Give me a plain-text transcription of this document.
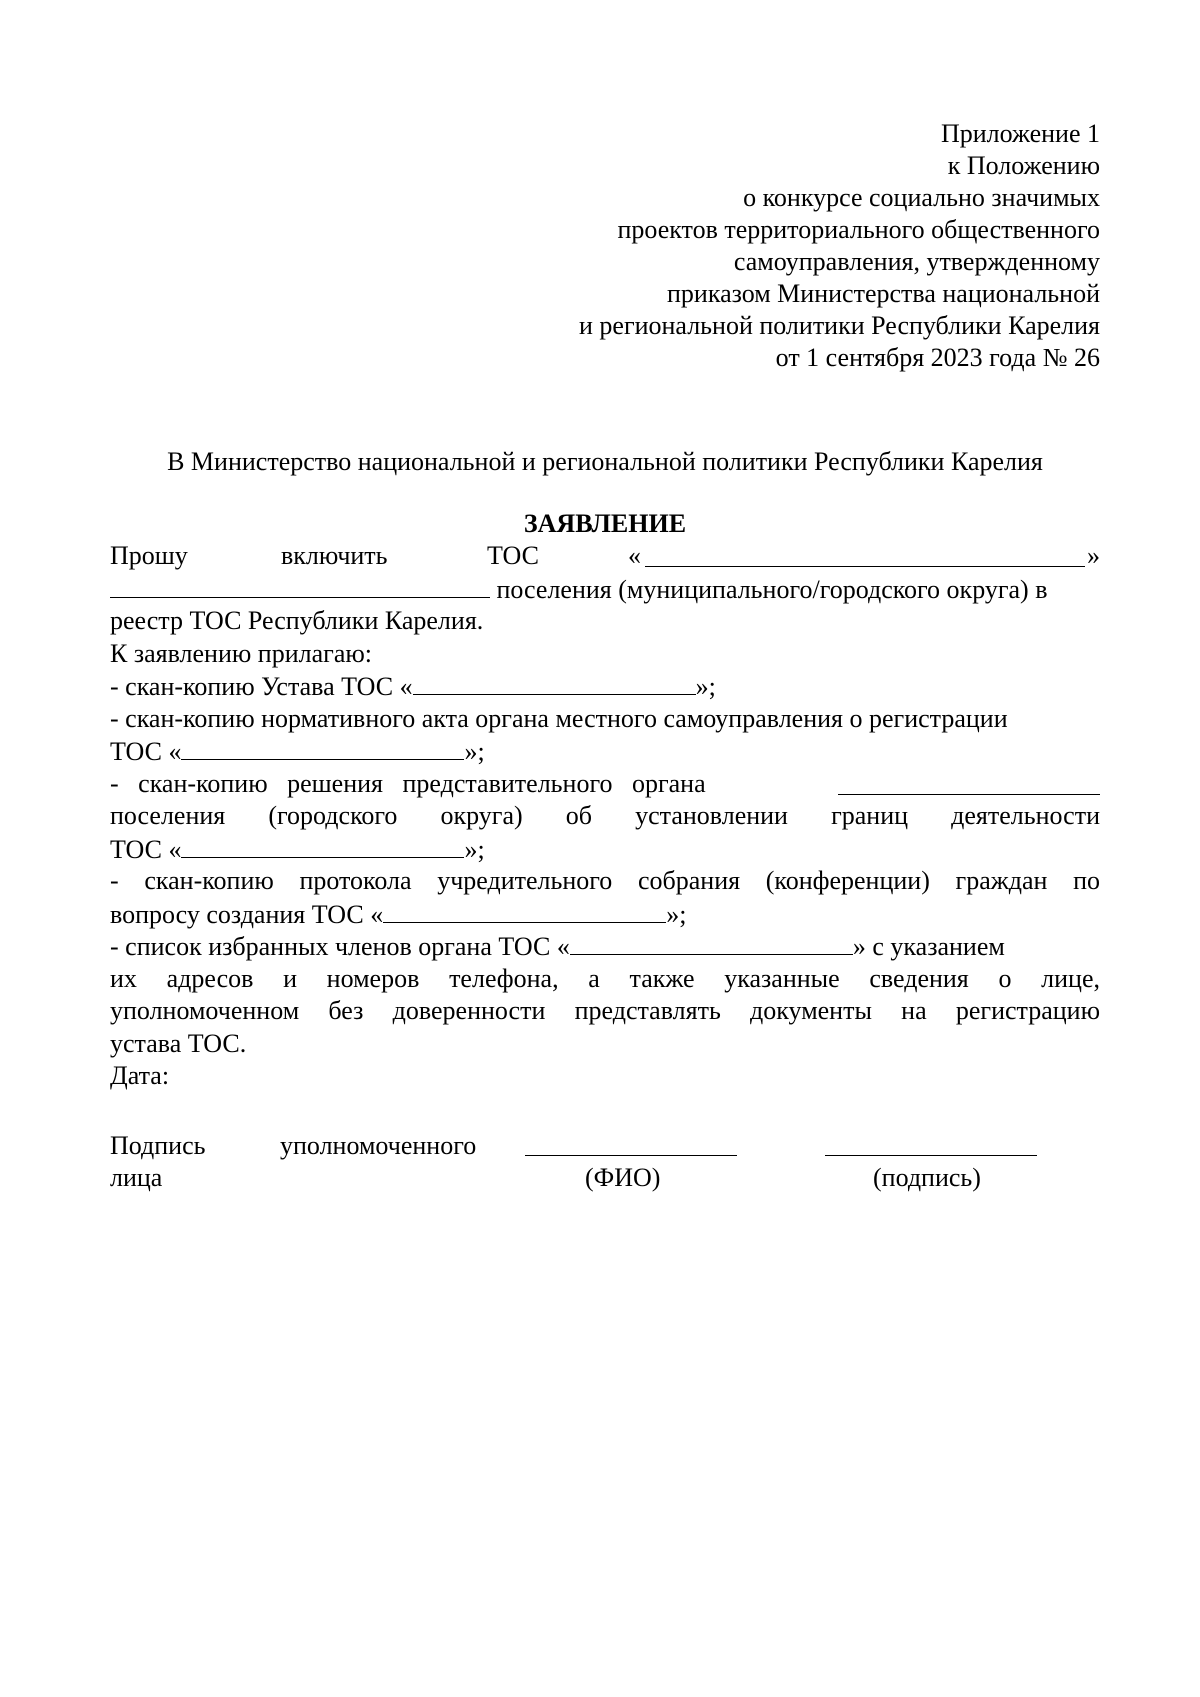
Приложение 1
к Положению
о конкурсе социально значимых
проектов территориального общественного
самоуправления, утвержденному
приказом Министерства национальной
и региональной политики Республики Карелия
от 1 сентября 2023 года № 26
В Министерство национальной и региональной политики Республики Карелия
ЗАЯВЛЕНИЕ
Прошу	включить	ТОС	«	»
поселения (муниципального/городского округа) в
реестр ТОС Республики Карелия.
К заявлению прилагаю:
- скан-копию Устава ТОС «	»;
- скан-копию нормативного акта органа местного самоуправления о регистрации
ТОС «	»;
- скан-копию решения представительного органа
поселения (городского округа) об установлении границ деятельности
ТОС «	»;
- скан-копию протокола учредительного собрания (конференции) граждан по
вопросу создания ТОС «	»;
- список избранных членов органа ТОС «	» с указанием
их адресов и номеров телефона, а также указанные сведения о лице,
уполномоченном без доверенности представлять документы на регистрацию
устава ТОС.
Дата:
Подпись	уполномоченного
лица	(ФИО)	(подпись)
